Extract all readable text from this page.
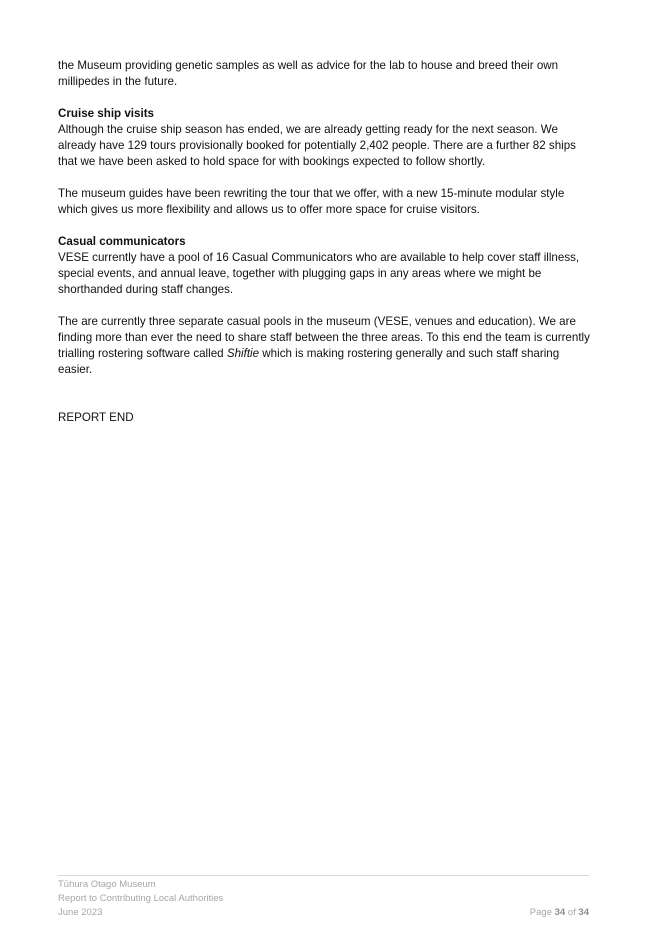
the Museum providing genetic samples as well as advice for the lab to house and breed their own millipedes in the future.

Cruise ship visits

Although the cruise ship season has ended, we are already getting ready for the next season. We already have 129 tours provisionally booked for potentially 2,402 people. There are a further 82 ships that we have been asked to hold space for with bookings expected to follow shortly.

The museum guides have been rewriting the tour that we offer, with a new 15-minute modular style which gives us more flexibility and allows us to offer more space for cruise visitors.

Casual communicators

VESE currently have a pool of 16 Casual Communicators who are available to help cover staff illness, special events, and annual leave, together with plugging gaps in any areas where we might be shorthanded during staff changes.

The are currently three separate casual pools in the museum (VESE, venues and education). We are finding more than ever the need to share staff between the three areas. To this end the team is currently trialling rostering software called Shiftie which is making rostering generally and such staff sharing easier.

REPORT END

Tūhura Otago Museum
Report to Contributing Local Authorities
June 2023	Page 34 of 34
